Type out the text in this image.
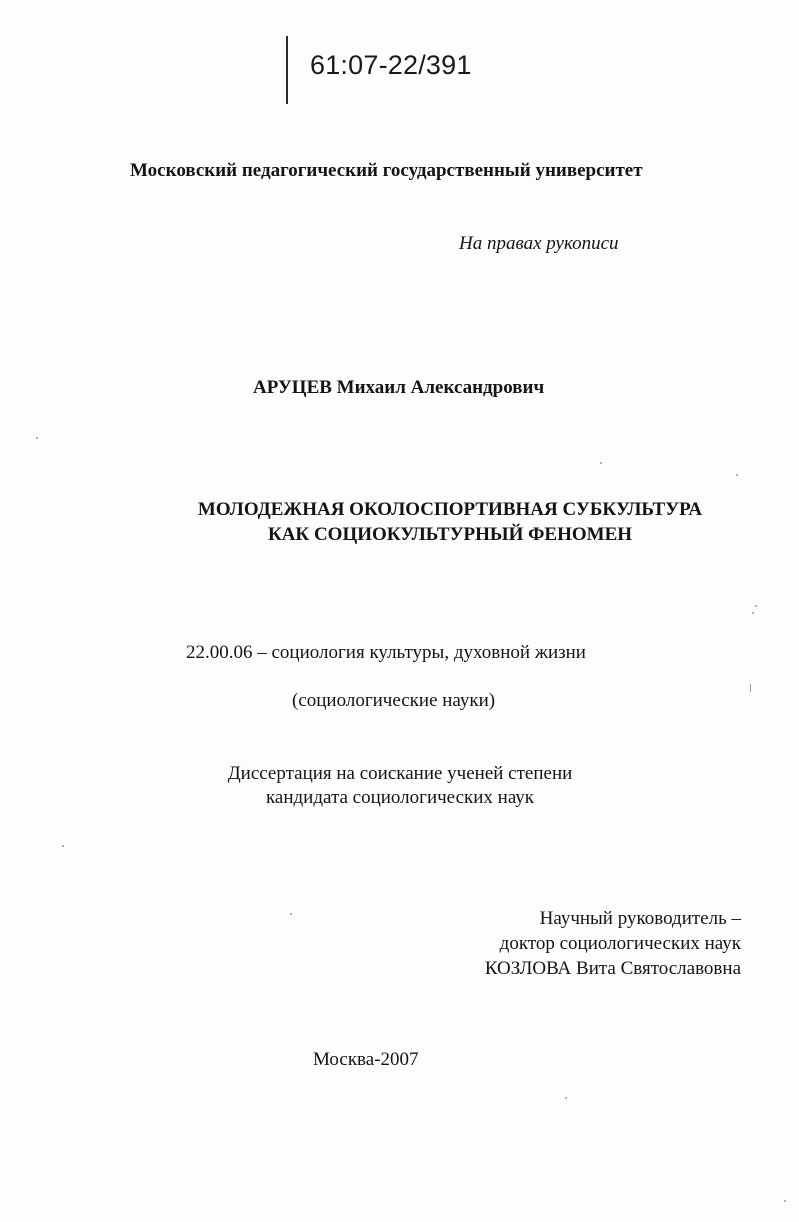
61:07-22/391
Московский педагогический государственный университет
На правах рукописи
АРУЦЕВ Михаил Александрович
МОЛОДЕЖНАЯ ОКОЛОСПОРТИВНАЯ СУБКУЛЬТУРА
КАК СОЦИОКУЛЬТУРНЫЙ ФЕНОМЕН
22.00.06 – социология культуры, духовной жизни
(социологические науки)
Диссертация на соискание ученей степени
кандидата социологических наук
Научный руководитель –
доктор социологических наук
КОЗЛОВА Вита Святославовна
Москва-2007
